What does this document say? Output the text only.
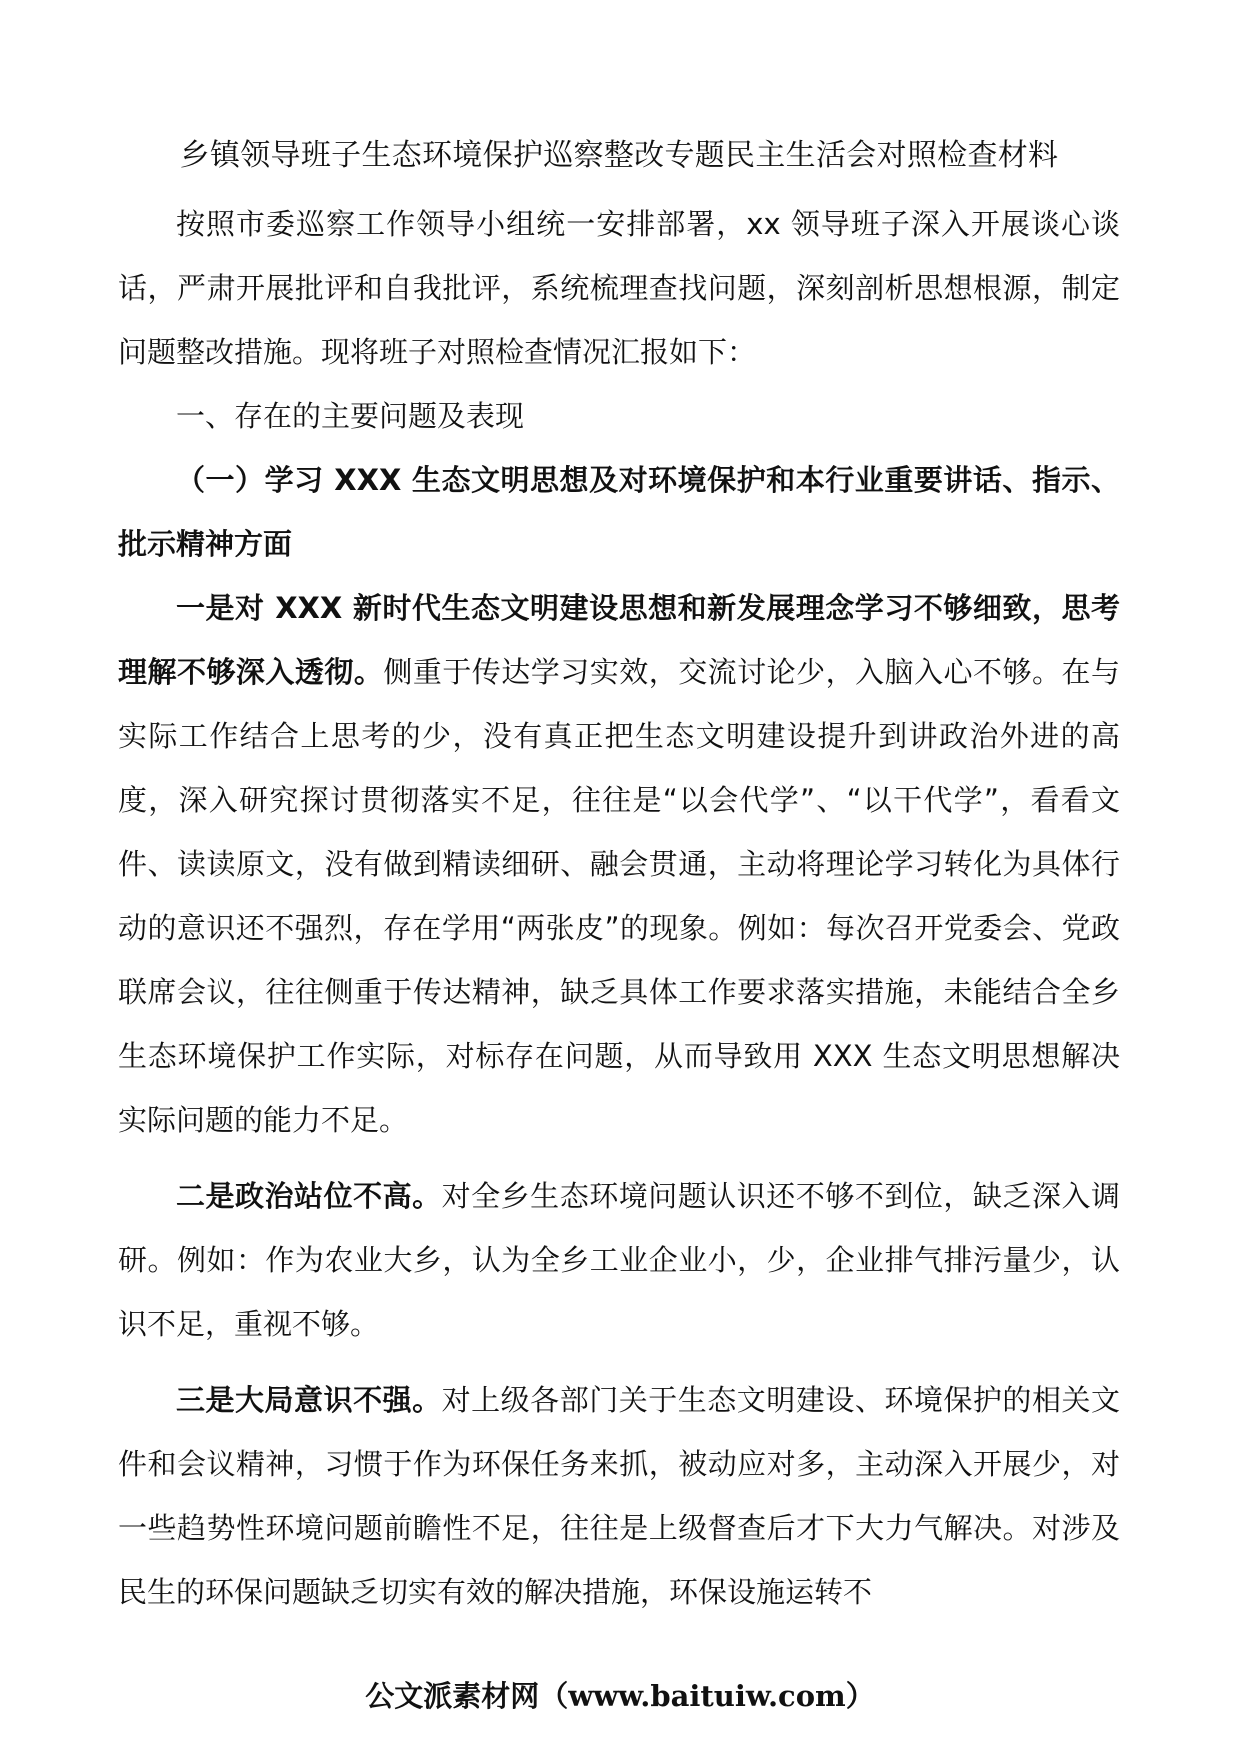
乡镇领导班子生态环境保护巡察整改专题民主生活会对照检查材料

按照市委巡察工作领导小组统一安排部署，xx 领导班子深入开展谈心谈话，严肃开展批评和自我批评，系统梳理查找问题，深刻剖析思想根源，制定问题整改措施。现将班子对照检查情况汇报如下：

一、存在的主要问题及表现

（一）学习 XXX 生态文明思想及对环境保护和本行业重要讲话、指示、批示精神方面

一是对 XXX 新时代生态文明建设思想和新发展理念学习不够细致，思考理解不够深入透彻。侧重于传达学习实效，交流讨论少，入脑入心不够。在与实际工作结合上思考的少，没有真正把生态文明建设提升到讲政治外进的高度，深入研究探讨贯彻落实不足，往往是“以会代学”、“以干代学”，看看文件、读读原文，没有做到精读细研、融会贯通，主动将理论学习转化为具体行动的意识还不强烈，存在学用“两张皮”的现象。例如：每次召开党委会、党政联席会议，往往侧重于传达精神，缺乏具体工作要求落实措施，未能结合全乡生态环境保护工作实际，对标存在问题，从而导致用 XXX 生态文明思想解决实际问题的能力不足。

二是政治站位不高。对全乡生态环境问题认识还不够不到位，缺乏深入调研。例如：作为农业大乡，认为全乡工业企业小，少，企业排气排污量少，认识不足，重视不够。

三是大局意识不强。对上级各部门关于生态文明建设、环境保护的相关文件和会议精神，习惯于作为环保任务来抓，被动应对多，主动深入开展少，对一些趋势性环境问题前瞻性不足，往往是上级督查后才下大力气解决。对涉及民生的环保问题缺乏切实有效的解决措施，环保设施运转不

公文派素材网（www.baituiw.com）
